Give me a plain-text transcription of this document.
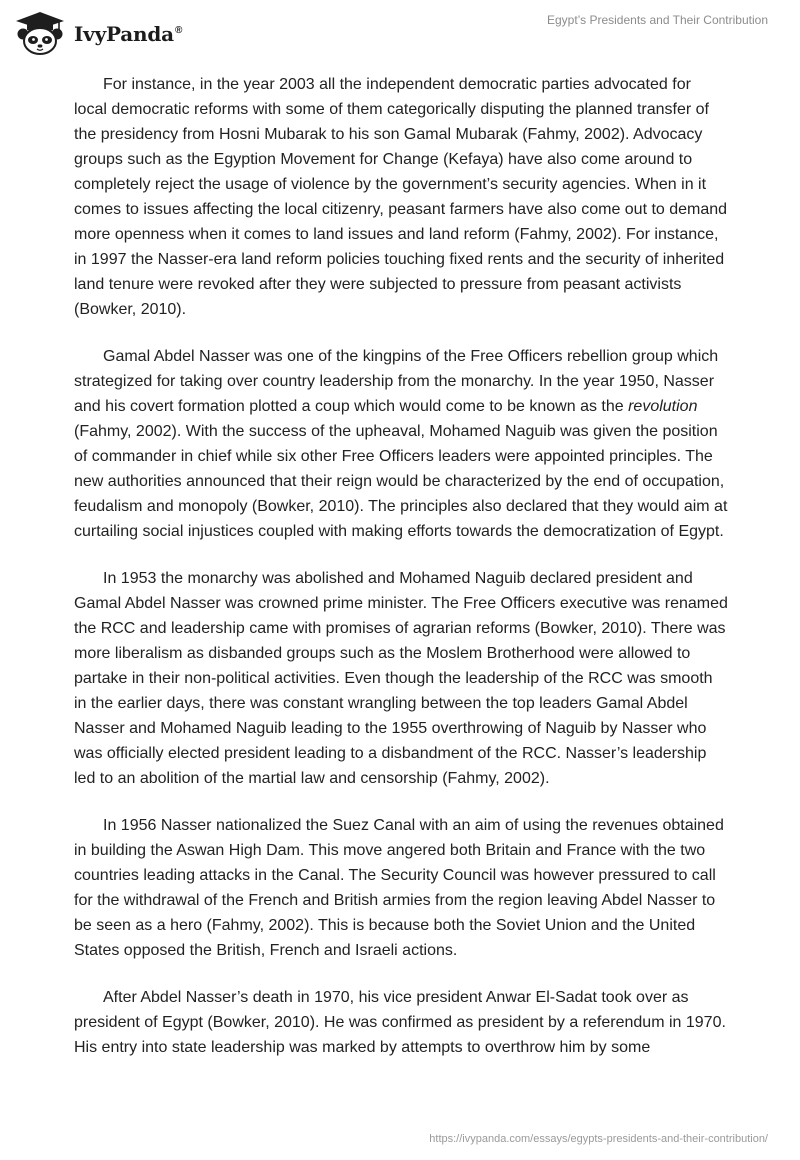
IvyPanda®
Egypt’s Presidents and Their Contribution

For instance, in the year 2003 all the independent democratic parties advocated for local democratic reforms with some of them categorically disputing the planned transfer of the presidency from Hosni Mubarak to his son Gamal Mubarak (Fahmy, 2002). Advocacy groups such as the Egyption Movement for Change (Kefaya) have also come around to completely reject the usage of violence by the government’s security agencies. When in it comes to issues affecting the local citizenry, peasant farmers have also come out to demand more openness when it comes to land issues and land reform (Fahmy, 2002). For instance, in 1997 the Nasser-era land reform policies touching fixed rents and the security of inherited land tenure were revoked after they were subjected to pressure from peasant activists (Bowker, 2010).

Gamal Abdel Nasser was one of the kingpins of the Free Officers rebellion group which strategized for taking over country leadership from the monarchy. In the year 1950, Nasser and his covert formation plotted a coup which would come to be known as the revolution (Fahmy, 2002). With the success of the upheaval, Mohamed Naguib was given the position of commander in chief while six other Free Officers leaders were appointed principles. The new authorities announced that their reign would be characterized by the end of occupation, feudalism and monopoly (Bowker, 2010). The principles also declared that they would aim at curtailing social injustices coupled with making efforts towards the democratization of Egypt.

In 1953 the monarchy was abolished and Mohamed Naguib declared president and Gamal Abdel Nasser was crowned prime minister. The Free Officers executive was renamed the RCC and leadership came with promises of agrarian reforms (Bowker, 2010). There was more liberalism as disbanded groups such as the Moslem Brotherhood were allowed to partake in their non-political activities. Even though the leadership of the RCC was smooth in the earlier days, there was constant wrangling between the top leaders Gamal Abdel Nasser and Mohamed Naguib leading to the 1955 overthrowing of Naguib by Nasser who was officially elected president leading to a disbandment of the RCC. Nasser’s leadership led to an abolition of the martial law and censorship (Fahmy, 2002).

In 1956 Nasser nationalized the Suez Canal with an aim of using the revenues obtained in building the Aswan High Dam. This move angered both Britain and France with the two countries leading attacks in the Canal. The Security Council was however pressured to call for the withdrawal of the French and British armies from the region leaving Abdel Nasser to be seen as a hero (Fahmy, 2002). This is because both the Soviet Union and the United States opposed the British, French and Israeli actions.

After Abdel Nasser’s death in 1970, his vice president Anwar El-Sadat took over as president of Egypt (Bowker, 2010). He was confirmed as president by a referendum in 1970. His entry into state leadership was marked by attempts to overthrow him by some

https://ivypanda.com/essays/egypts-presidents-and-their-contribution/
